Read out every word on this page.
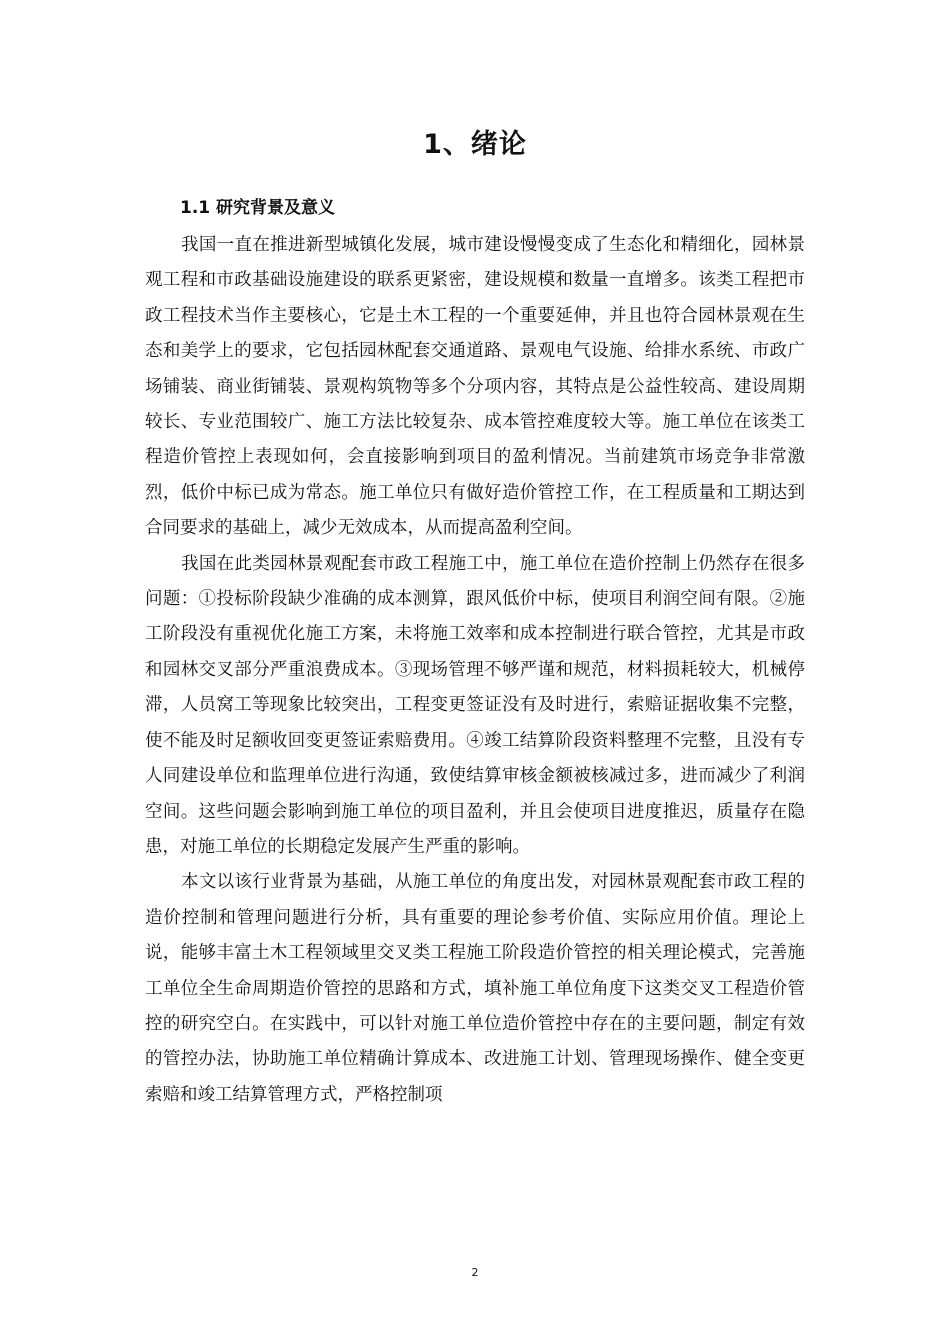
1、绪论
1.1 研究背景及意义

我国一直在推进新型城镇化发展，城市建设慢慢变成了生态化和精细化，园林景观工程和市政基础设施建设的联系更紧密，建设规模和数量一直增多。该类工程把市政工程技术当作主要核心，它是土木工程的一个重要延伸，并且也符合园林景观在生态和美学上的要求，它包括园林配套交通道路、景观电气设施、给排水系统、市政广场铺装、商业街铺装、景观构筑物等多个分项内容，其特点是公益性较高、建设周期较长、专业范围较广、施工方法比较复杂、成本管控难度较大等。施工单位在该类工程造价管控上表现如何，会直接影响到项目的盈利情况。当前建筑市场竞争非常激烈，低价中标已成为常态。施工单位只有做好造价管控工作，在工程质量和工期达到合同要求的基础上，减少无效成本，从而提高盈利空间。

我国在此类园林景观配套市政工程施工中，施工单位在造价控制上仍然存在很多问题：①投标阶段缺少准确的成本测算，跟风低价中标，使项目利润空间有限。②施工阶段没有重视优化施工方案，未将施工效率和成本控制进行联合管控，尤其是市政和园林交叉部分严重浪费成本。③现场管理不够严谨和规范，材料损耗较大，机械停滞，人员窝工等现象比较突出，工程变更签证没有及时进行，索赔证据收集不完整，使不能及时足额收回变更签证索赔费用。④竣工结算阶段资料整理不完整，且没有专人同建设单位和监理单位进行沟通，致使结算审核金额被核减过多，进而减少了利润空间。这些问题会影响到施工单位的项目盈利，并且会使项目进度推迟，质量存在隐患，对施工单位的长期稳定发展产生严重的影响。

本文以该行业背景为基础，从施工单位的角度出发，对园林景观配套市政工程的造价控制和管理问题进行分析，具有重要的理论参考价值、实际应用价值。理论上说，能够丰富土木工程领域里交叉类工程施工阶段造价管控的相关理论模式，完善施工单位全生命周期造价管控的思路和方式，填补施工单位角度下这类交叉工程造价管控的研究空白。在实践中，可以针对施工单位造价管控中存在的主要问题，制定有效的管控办法，协助施工单位精确计算成本、改进施工计划、管理现场操作、健全变更索赔和竣工结算管理方式，严格控制项

2
